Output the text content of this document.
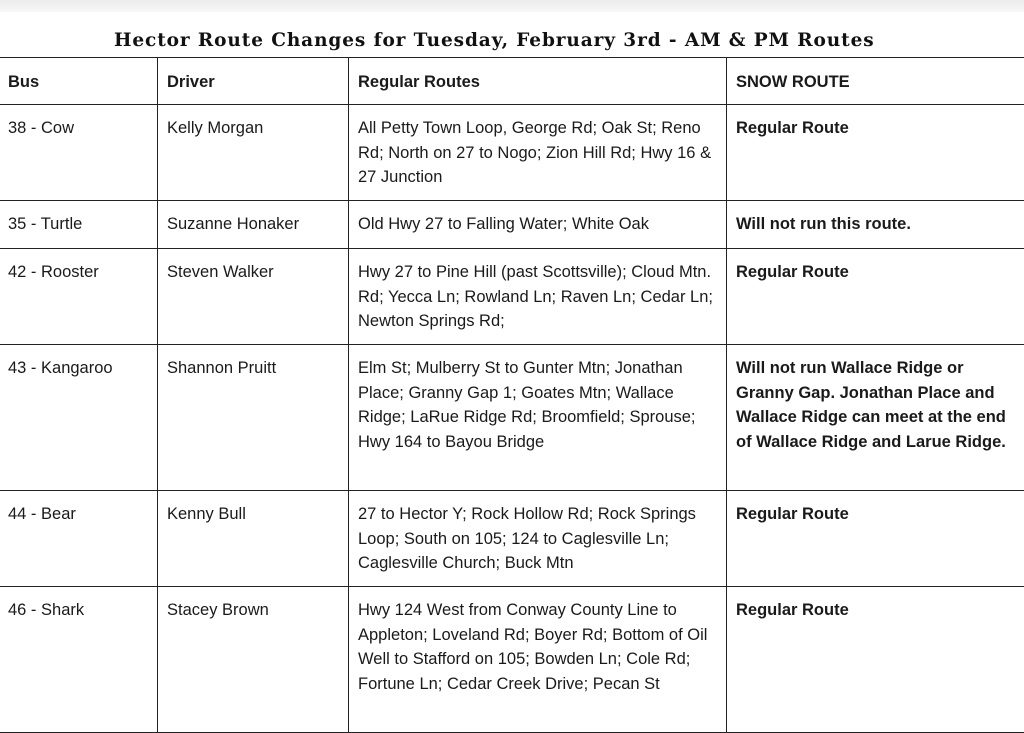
Hector Route Changes for Tuesday, February 3rd - AM & PM Routes
Bus	Driver	Regular Routes	SNOW ROUTE
38 - Cow	Kelly Morgan	All Petty Town Loop, George Rd; Oak St; Reno Rd; North on 27 to Nogo; Zion Hill Rd; Hwy 16 & 27 Junction	Regular Route
35 - Turtle	Suzanne Honaker	Old Hwy 27 to Falling Water; White Oak	Will not run this route.
42 - Rooster	Steven Walker	Hwy 27 to Pine Hill (past Scottsville); Cloud Mtn. Rd; Yecca Ln; Rowland Ln; Raven Ln; Cedar Ln; Newton Springs Rd;	Regular Route
43 - Kangaroo	Shannon Pruitt	Elm St; Mulberry St to Gunter Mtn; Jonathan Place; Granny Gap 1; Goates Mtn; Wallace Ridge; LaRue Ridge Rd; Broomfield; Sprouse; Hwy 164 to Bayou Bridge	Will not run Wallace Ridge or Granny Gap. Jonathan Place and Wallace Ridge can meet at the end of Wallace Ridge and Larue Ridge.
44 - Bear	Kenny Bull	27 to Hector Y; Rock Hollow Rd; Rock Springs Loop; South on 105; 124 to Caglesville Ln; Caglesville Church; Buck Mtn	Regular Route
46 - Shark	Stacey Brown	Hwy 124 West from Conway County Line to Appleton; Loveland Rd; Boyer Rd; Bottom of Oil Well to Stafford on 105; Bowden Ln; Cole Rd; Fortune Ln; Cedar Creek Drive; Pecan St	Regular Route
